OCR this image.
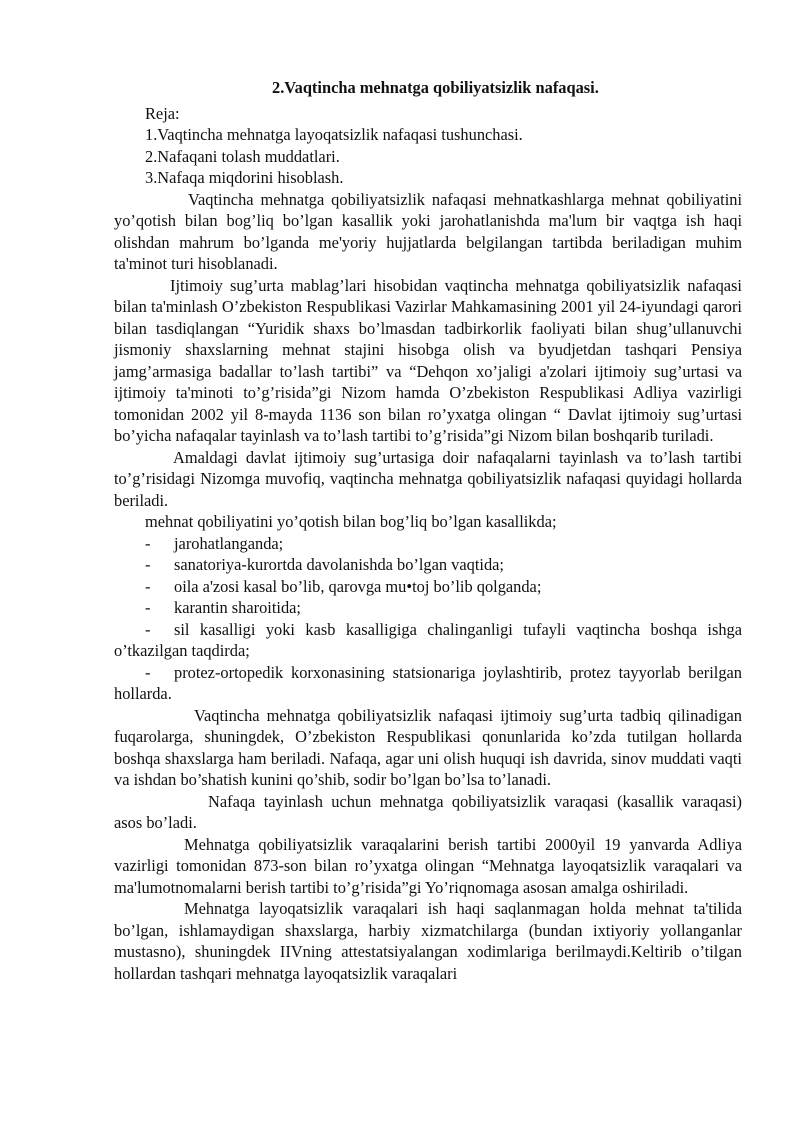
2.Vaqtincha mehnatga qobiliyatsizlik nafaqasi.
Reja:
1.Vaqtincha mehnatga layoqatsizlik nafaqasi tushunchasi.
2.Nafaqani tolash muddatlari.
3.Nafaqa miqdorini hisoblash.

Vaqtincha mehnatga qobiliyatsizlik nafaqasi mehnatkashlarga mehnat qobiliyatini yo’qotish bilan bog’liq bo’lgan kasallik yoki jarohatlanishda ma'lum bir vaqtga ish haqi olishdan mahrum bo’lganda me'yoriy hujjatlarda belgilangan tartibda beriladigan muhim ta'minot turi hisoblanadi.

Ijtimoiy sug’urta mablag’lari hisobidan vaqtincha mehnatga qobiliyatsizlik nafaqasi bilan ta'minlash O’zbekiston Respublikasi Vazirlar Mahkamasining 2001 yil 24-iyundagi qarori bilan tasdiqlangan “Yuridik shaxs bo’lmasdan tadbirkorlik faoliyati bilan shug’ullanuvchi jismoniy shaxslarning mehnat stajini hisobga olish va byudjetdan tashqari Pensiya jamg’armasiga badallar to’lash tartibi” va “Dehqon xo’jaligi a'zolari ijtimoiy sug’urtasi va ijtimoiy ta'minoti to’g’risida”gi Nizom hamda O’zbekiston Respublikasi Adliya vazirligi tomonidan 2002 yil 8-mayda 1136 son bilan ro’yxatga olingan “ Davlat ijtimoiy sug’urtasi bo’yicha nafaqalar tayinlash va to’lash tartibi to’g’risida”gi Nizom bilan boshqarib turiladi.

Amaldagi davlat ijtimoiy sug’urtasiga doir nafaqalarni tayinlash va to’lash tartibi to’g’risidagi Nizomga muvofiq, vaqtincha mehnatga qobiliyatsizlik nafaqasi quyidagi hollarda beriladi.

mehnat qobiliyatini yo’qotish bilan bog’liq bo’lgan kasallikda;
- jarohatlanganda;
- sanatoriya-kurortda davolanishda bo’lgan vaqtida;
- oila a'zosi kasal bo’lib, qarovga mu•toj bo’lib qolganda;
- karantin sharoitida;
- sil kasalligi yoki kasb kasalligiga chalinganligi tufayli vaqtincha boshqa ishga o’tkazilgan taqdirda;
- protez-ortopedik korxonasining statsionariga joylashtirib, protez tayyorlab berilgan hollarda.

Vaqtincha mehnatga qobiliyatsizlik nafaqasi ijtimoiy sug’urta tadbiq qilinadigan fuqarolarga, shuningdek, O’zbekiston Respublikasi qonunlarida ko’zda tutilgan hollarda boshqa shaxslarga ham beriladi. Nafaqa, agar uni olish huquqi ish davrida, sinov muddati vaqti va ishdan bo’shatish kunini qo’shib, sodir bo’lgan bo’lsa to’lanadi.

Nafaqa tayinlash uchun mehnatga qobiliyatsizlik varaqasi (kasallik varaqasi) asos bo’ladi.

Mehnatga qobiliyatsizlik varaqalarini berish tartibi 2000yil 19 yanvarda Adliya vazirligi tomonidan 873-son bilan ro’yxatga olingan “Mehnatga layoqatsizlik varaqalari va ma'lumotnomalarni berish tartibi to’g’risida”gi Yo’riqnomaga asosan amalga oshiriladi.

Mehnatga layoqatsizlik varaqalari ish haqi saqlanmagan holda mehnat ta'tilida bo’lgan, ishlamaydigan shaxslarga, harbiy xizmatchilarga (bundan ixtiyoriy yollanganlar mustasno), shuningdek IIVning attestatsiyalangan xodimlariga berilmaydi.Keltirib o’tilgan hollardan tashqari mehnatga layoqatsizlik varaqalari
